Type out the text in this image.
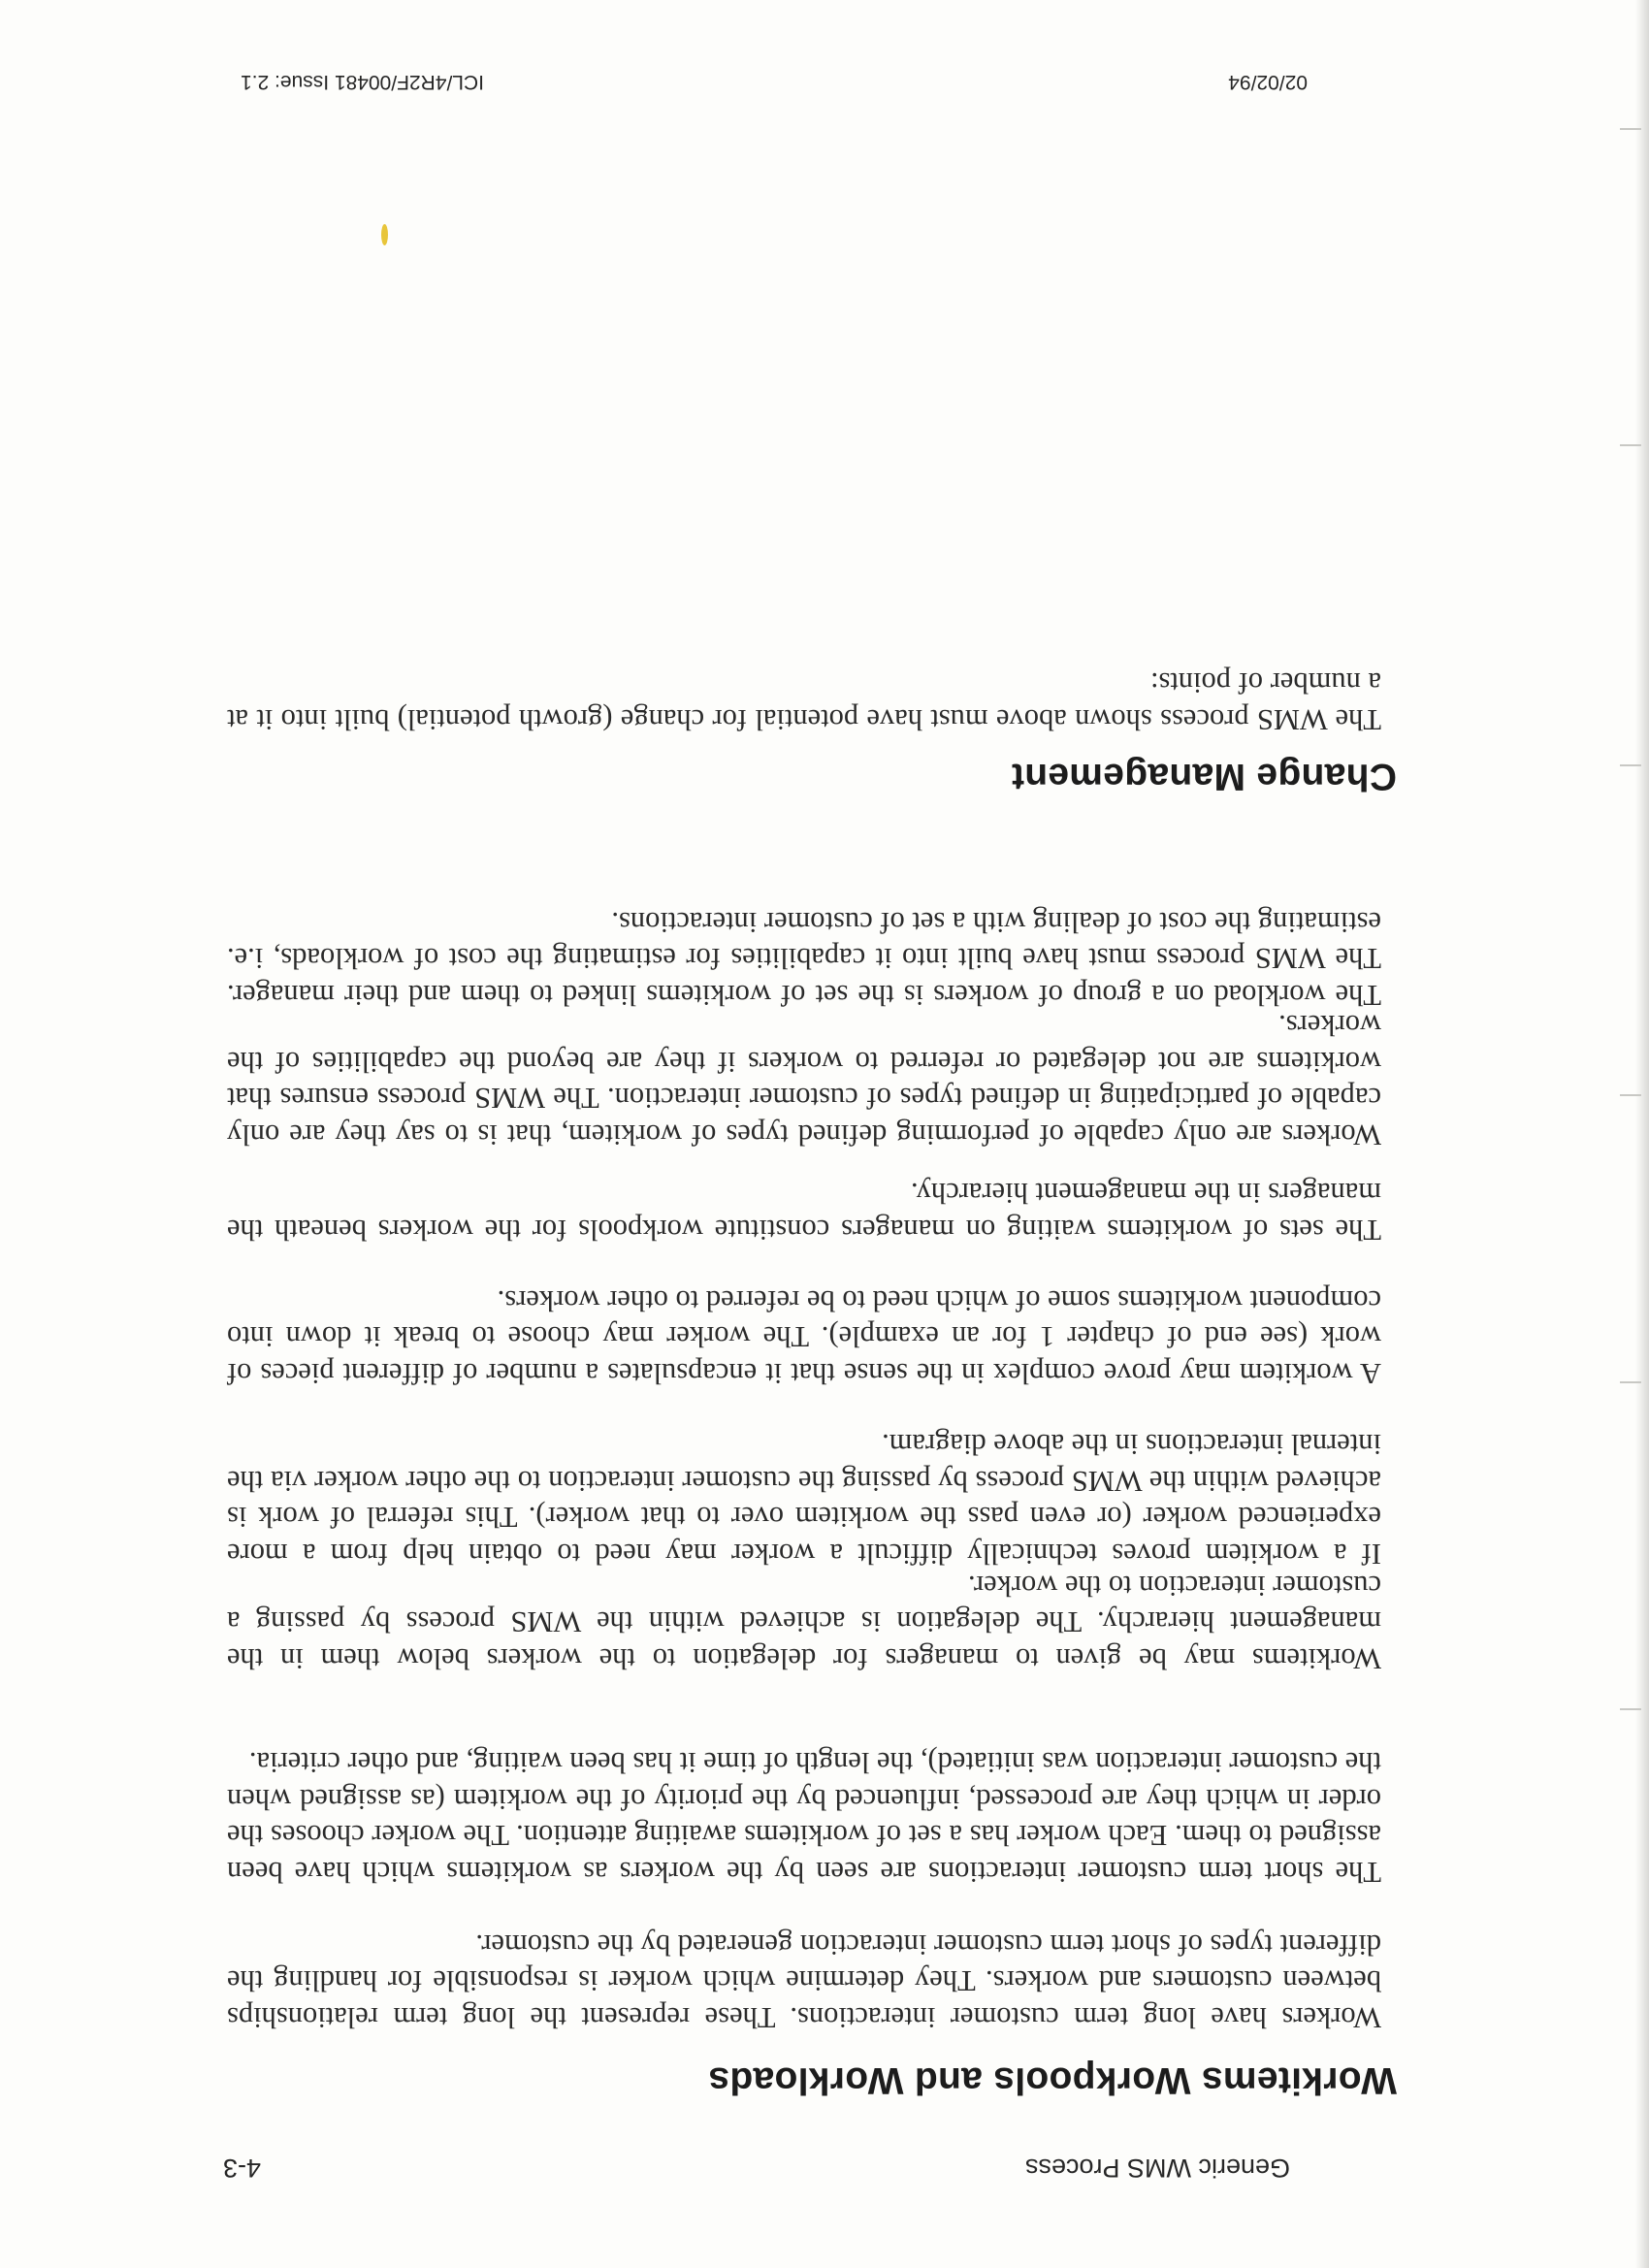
Generic WMS Process
4-3
Workitems Workpools and Workloads

Workers have long term customer interactions. These represent the long term relationships between customers and workers. They determine which worker is responsible for handling the different types of short term customer interaction generated by the customer.

The short term customer interactions are seen by the workers as workitems which have been assigned to them. Each worker has a set of workitems awaiting attention. The worker chooses the order in which they are processed, influenced by the priority of the workitem (as assigned when the customer interaction was initiated), the length of time it has been waiting, and other criteria.

Workitems may be given to managers for delegation to the workers below them in the management hierarchy. The delegation is achieved within the WMS process by passing a customer interaction to the worker.

If a workitem proves technically difficult a worker may need to obtain help from a more experienced worker (or even pass the workitem over to that worker). This referral of work is achieved within the WMS process by passing the customer interaction to the other worker via the internal interactions in the above diagram.

A workitem may prove complex in the sense that it encapsulates a number of different pieces of work (see end of chapter 1 for an example). The worker may choose to break it down into component workitems some of which need to be referred to other workers.

The sets of workitems waiting on managers constitute workpools for the workers beneath the managers in the management hierarchy.

Workers are only capable of performing defined types of workitem, that is to say they are only capable of participating in defined types of customer interaction. The WMS process ensures that workitems are not delegated or referred to workers if they are beyond the capabilities of the workers.

The workload on a group of workers is the set of workitems linked to them and their manager. The WMS process must have built into it capabilities for estimating the cost of workloads, i.e. estimating the cost of dealing with a set of customer interactions.

Change Management

The WMS process shown above must have potential for change (growth potential) built into it at a number of points:

02/02/94
ICL/4R2F/00481 Issue: 2.1
